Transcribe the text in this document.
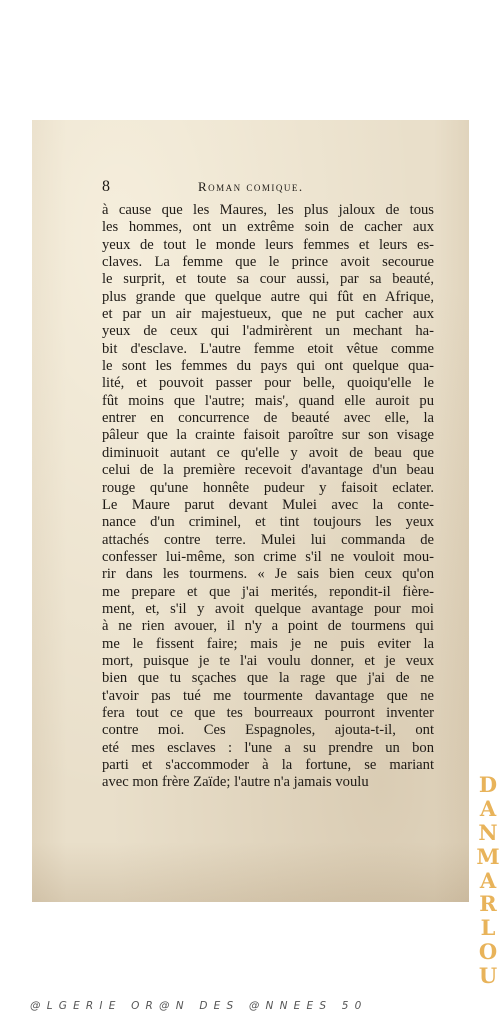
8	Roman comique.
à cause que les Maures, les plus jaloux de tous
les hommes, ont un extrême soin de cacher aux
yeux de tout le monde leurs femmes et leurs es-
claves. La femme que le prince avoit secourue
le surprit, et toute sa cour aussi, par sa beauté,
plus grande que quelque autre qui fût en Afrique,
et par un air majestueux, que ne put cacher aux
yeux de ceux qui l'admirèrent un mechant ha-
bit d'esclave. L'autre femme etoit vêtue comme
le sont les femmes du pays qui ont quelque qua-
lité, et pouvoit passer pour belle, quoiqu'elle le
fût moins que l'autre; mais', quand elle auroit pu
entrer en concurrence de beauté avec elle, la
pâleur que la crainte faisoit paroître sur son visage
diminuoit autant ce qu'elle y avoit de beau que
celui de la première recevoit d'avantage d'un beau
rouge qu'une honnête pudeur y faisoit eclater.
Le Maure parut devant Mulei avec la conte-
nance d'un criminel, et tint toujours les yeux
attachés contre terre. Mulei lui commanda de
confesser lui-même, son crime s'il ne vouloit mou-
rir dans les tourmens. « Je sais bien ceux qu'on
me prepare et que j'ai merités, repondit-il fière-
ment, et, s'il y avoit quelque avantage pour moi
à ne rien avouer, il n'y a point de tourmens qui
me le fissent faire; mais je ne puis eviter la
mort, puisque je te l'ai voulu donner, et je veux
bien que tu sçaches que la rage que j'ai de ne
t'avoir pas tué me tourmente davantage que ne
fera tout ce que tes bourreaux pourront inventer
contre moi. Ces Espagnoles, ajouta-t-il, ont
eté mes esclaves : l'une a su prendre un bon
parti et s'accommoder à la fortune, se mariant
avec mon frère Zaïde; l'autre n'a jamais voulu	D
A
N
M
A
R
L
O
U
@LGERIE OR@N DES @NNEES 50
